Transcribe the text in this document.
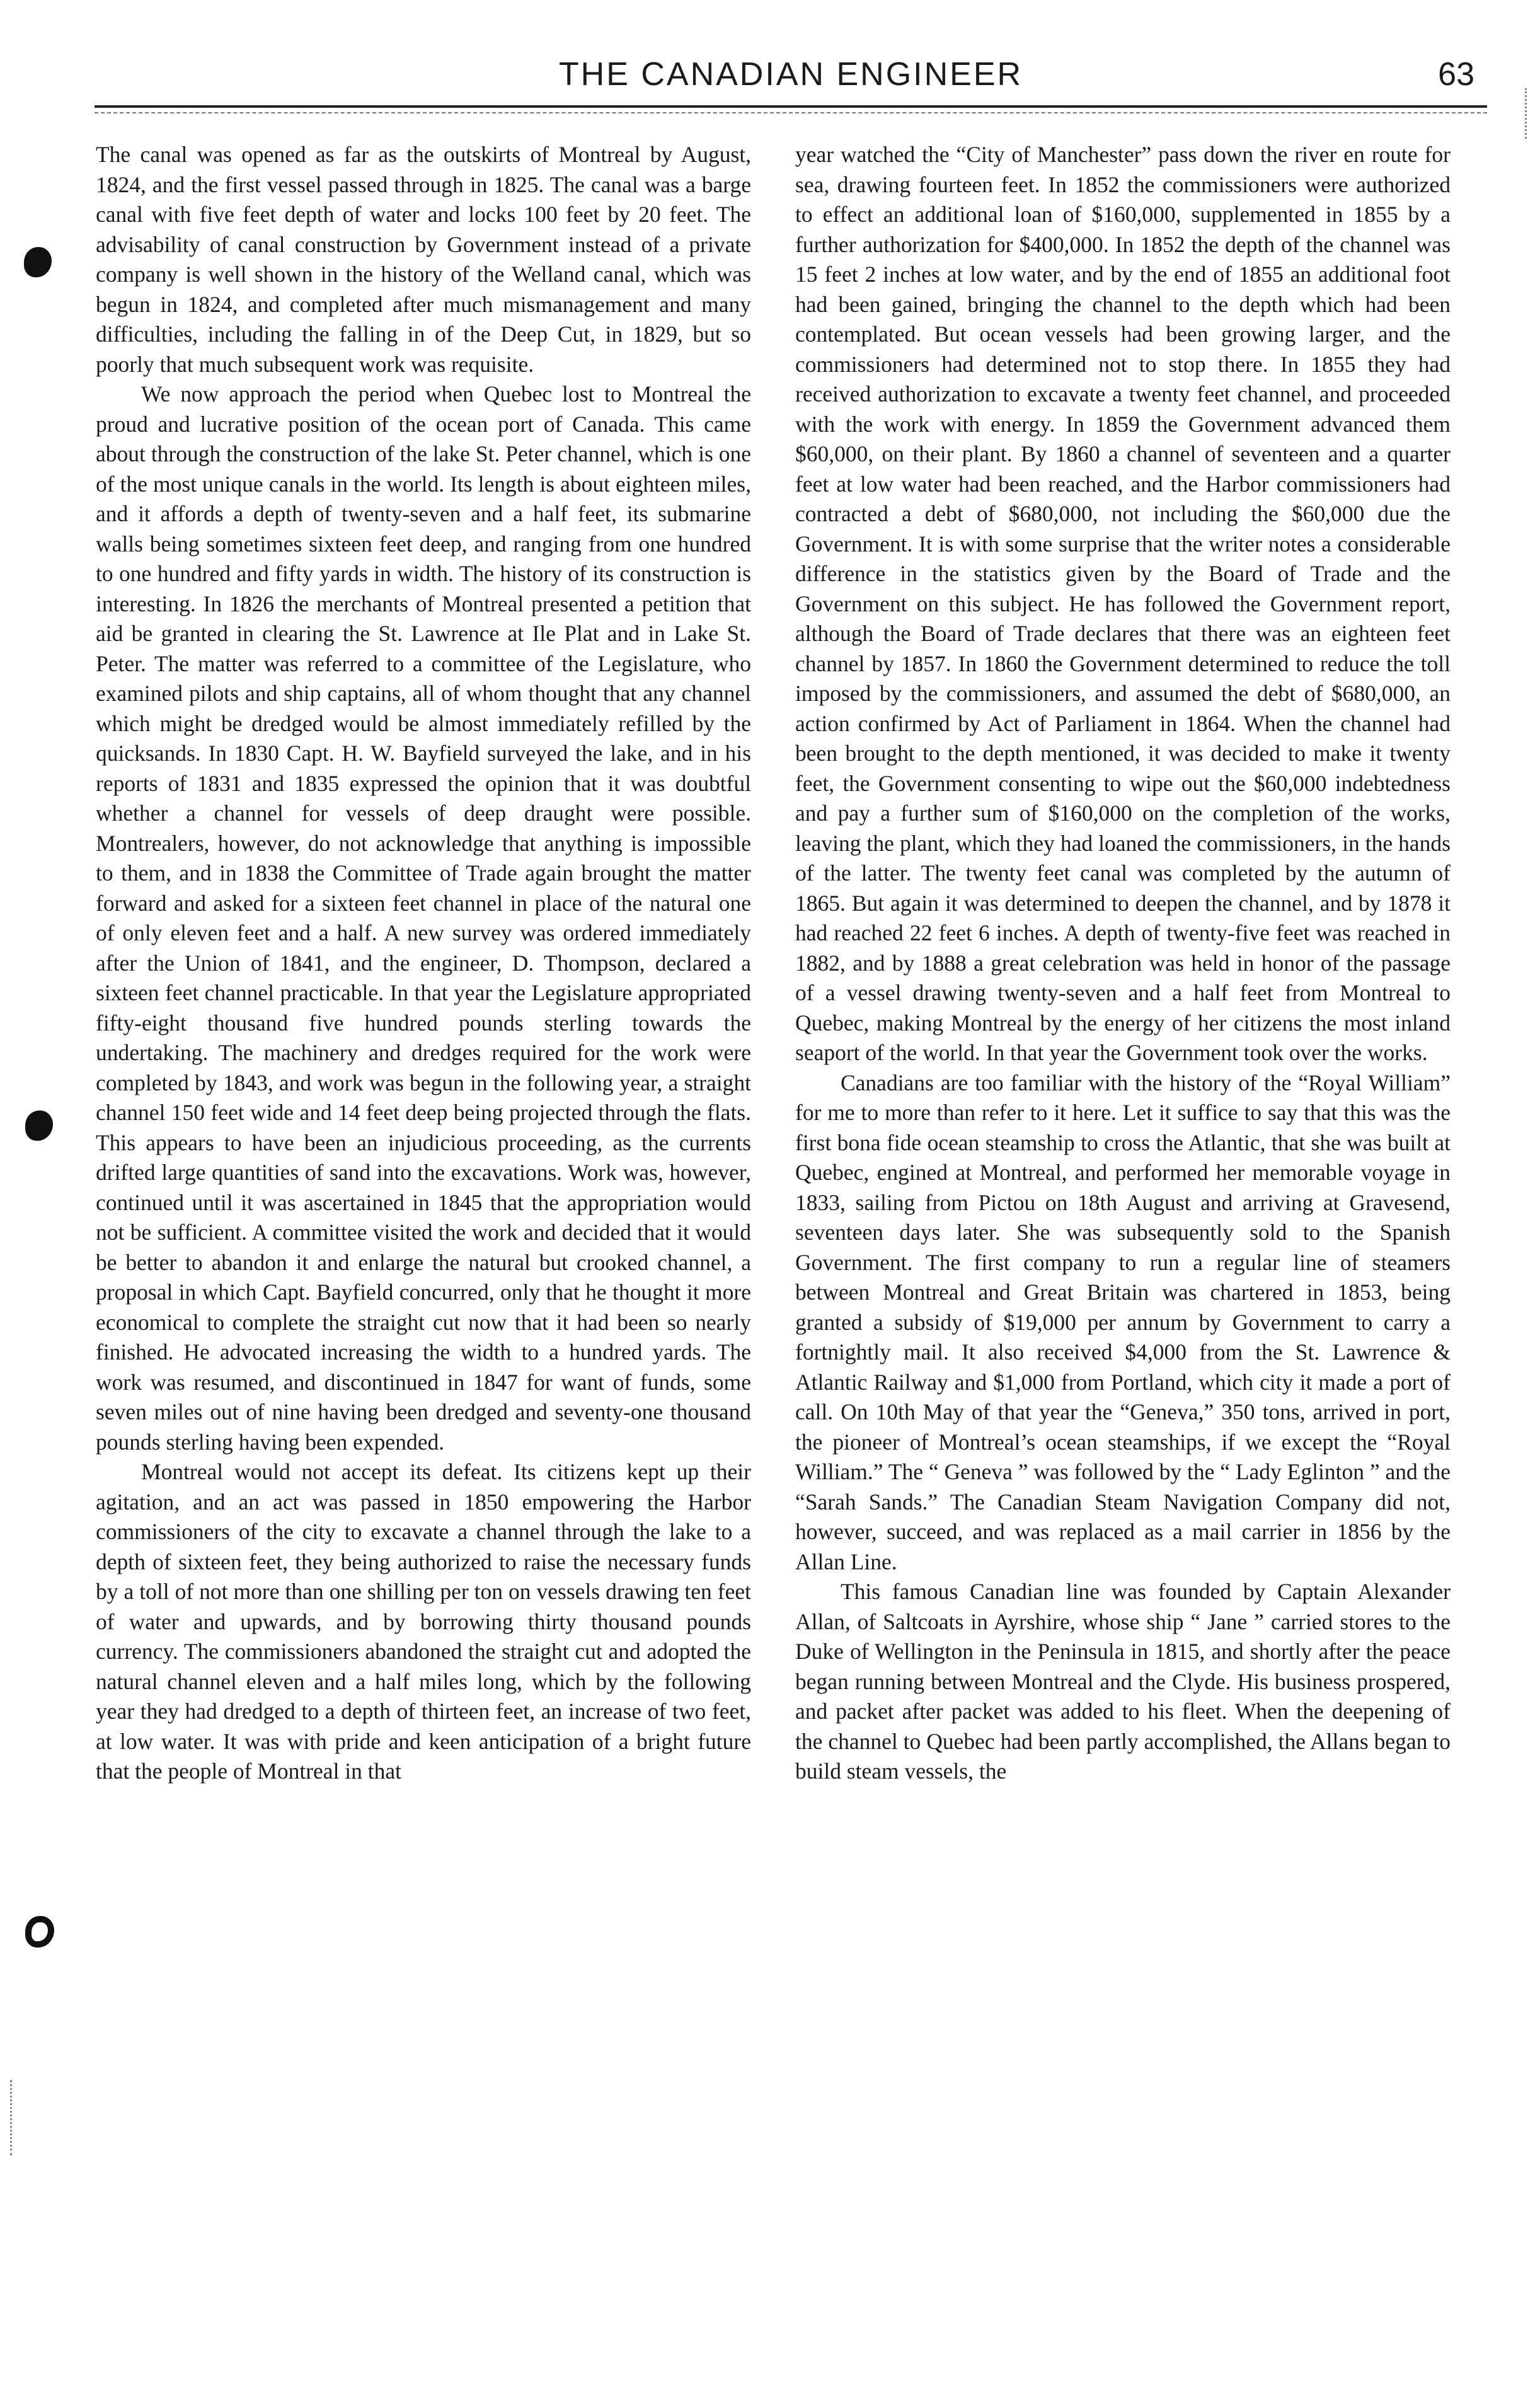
THE CANADIAN ENGINEER	63

The canal was opened as far as the outskirts of Montreal by August, 1824, and the first vessel passed through in 1825. The canal was a barge canal with five feet depth of water and locks 100 feet by 20 feet. The advisability of canal construction by Government instead of a private company is well shown in the history of the Welland canal, which was begun in 1824, and completed after much mismanagement and many difficulties, including the falling in of the Deep Cut, in 1829, but so poorly that much subsequent work was requisite.

We now approach the period when Quebec lost to Montreal the proud and lucrative position of the ocean port of Canada. This came about through the construction of the lake St. Peter channel, which is one of the most unique canals in the world. Its length is about eighteen miles, and it affords a depth of twenty-seven and a half feet, its submarine walls being sometimes sixteen feet deep, and ranging from one hundred to one hundred and fifty yards in width. The history of its construction is interesting. In 1826 the merchants of Montreal presented a petition that aid be granted in clearing the St. Lawrence at Ile Plat and in Lake St. Peter. The matter was referred to a committee of the Legislature, who examined pilots and ship captains, all of whom thought that any channel which might be dredged would be almost immediately refilled by the quicksands. In 1830 Capt. H. W. Bayfield surveyed the lake, and in his reports of 1831 and 1835 expressed the opinion that it was doubtful whether a channel for vessels of deep draught were possible. Montrealers, however, do not acknowledge that anything is impossible to them, and in 1838 the Committee of Trade again brought the matter forward and asked for a sixteen feet channel in place of the natural one of only eleven feet and a half. A new survey was ordered immediately after the Union of 1841, and the engineer, D. Thompson, declared a sixteen feet channel practicable. In that year the Legislature appropriated fifty-eight thousand five hundred pounds sterling towards the undertaking. The machinery and dredges required for the work were completed by 1843, and work was begun in the following year, a straight channel 150 feet wide and 14 feet deep being projected through the flats. This appears to have been an injudicious proceeding, as the currents drifted large quantities of sand into the excavations. Work was, however, continued until it was ascertained in 1845 that the appropriation would not be sufficient. A committee visited the work and decided that it would be better to abandon it and enlarge the natural but crooked channel, a proposal in which Capt. Bayfield concurred, only that he thought it more economical to complete the straight cut now that it had been so nearly finished. He advocated increasing the width to a hundred yards. The work was resumed, and discontinued in 1847 for want of funds, some seven miles out of nine having been dredged and seventy-one thousand pounds sterling having been expended.

Montreal would not accept its defeat. Its citizens kept up their agitation, and an act was passed in 1850 empowering the Harbor commissioners of the city to excavate a channel through the lake to a depth of sixteen feet, they being authorized to raise the necessary funds by a toll of not more than one shilling per ton on vessels drawing ten feet of water and upwards, and by borrowing thirty thousand pounds currency. The commissioners abandoned the straight cut and adopted the natural channel eleven and a half miles long, which by the following year they had dredged to a depth of thirteen feet, an increase of two feet, at low water. It was with pride and keen anticipation of a bright future that the people of Montreal in that

year watched the “City of Manchester” pass down the river en route for sea, drawing fourteen feet. In 1852 the commissioners were authorized to effect an additional loan of $160,000, supplemented in 1855 by a further authorization for $400,000. In 1852 the depth of the channel was 15 feet 2 inches at low water, and by the end of 1855 an additional foot had been gained, bringing the channel to the depth which had been contemplated. But ocean vessels had been growing larger, and the commissioners had determined not to stop there. In 1855 they had received authorization to excavate a twenty feet channel, and proceeded with the work with energy. In 1859 the Government advanced them $60,000, on their plant. By 1860 a channel of seventeen and a quarter feet at low water had been reached, and the Harbor commissioners had contracted a debt of $680,000, not including the $60,000 due the Government. It is with some surprise that the writer notes a considerable difference in the statistics given by the Board of Trade and the Government on this subject. He has followed the Government report, although the Board of Trade declares that there was an eighteen feet channel by 1857. In 1860 the Government determined to reduce the toll imposed by the commissioners, and assumed the debt of $680,000, an action confirmed by Act of Parliament in 1864. When the channel had been brought to the depth mentioned, it was decided to make it twenty feet, the Government consenting to wipe out the $60,000 indebtedness and pay a further sum of $160,000 on the completion of the works, leaving the plant, which they had loaned the commissioners, in the hands of the latter. The twenty feet canal was completed by the autumn of 1865. But again it was determined to deepen the channel, and by 1878 it had reached 22 feet 6 inches. A depth of twenty-five feet was reached in 1882, and by 1888 a great celebration was held in honor of the passage of a vessel drawing twenty-seven and a half feet from Montreal to Quebec, making Montreal by the energy of her citizens the most inland seaport of the world. In that year the Government took over the works.

Canadians are too familiar with the history of the “Royal William” for me to more than refer to it here. Let it suffice to say that this was the first bona fide ocean steamship to cross the Atlantic, that she was built at Quebec, engined at Montreal, and performed her memorable voyage in 1833, sailing from Pictou on 18th August and arriving at Gravesend, seventeen days later. She was subsequently sold to the Spanish Government. The first company to run a regular line of steamers between Montreal and Great Britain was chartered in 1853, being granted a subsidy of $19,000 per annum by Government to carry a fortnightly mail. It also received $4,000 from the St. Lawrence & Atlantic Railway and $1,000 from Portland, which city it made a port of call. On 10th May of that year the “Geneva,” 350 tons, arrived in port, the pioneer of Montreal’s ocean steamships, if we except the “Royal William.” The “ Geneva ” was followed by the “ Lady Eglinton ” and the “Sarah Sands.” The Canadian Steam Navigation Company did not, however, succeed, and was replaced as a mail carrier in 1856 by the Allan Line.

This famous Canadian line was founded by Captain Alexander Allan, of Saltcoats in Ayrshire, whose ship “ Jane ” carried stores to the Duke of Wellington in the Peninsula in 1815, and shortly after the peace began running between Montreal and the Clyde. His business prospered, and packet after packet was added to his fleet. When the deepening of the channel to Quebec had been partly accomplished, the Allans began to build steam vessels, the
